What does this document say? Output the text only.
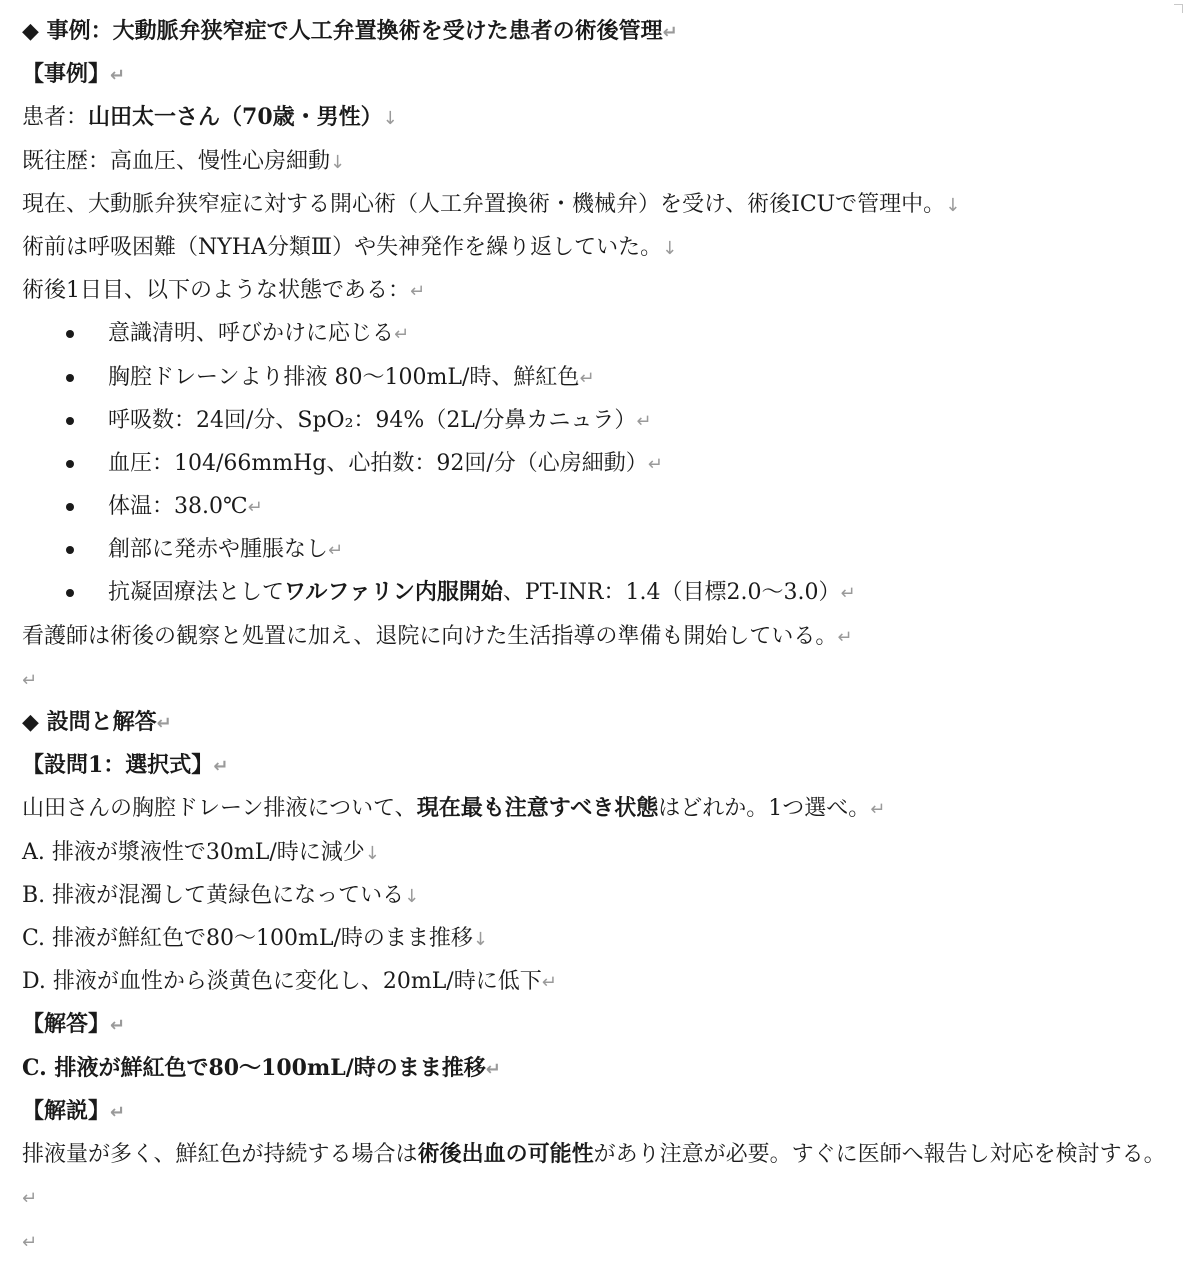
◆ 事例：大動脈弁狭窄症で人工弁置換術を受けた患者の術後管理↵
【事例】↵
患者：山田太一さん（70歳・男性）↓
既往歴：高血圧、慢性心房細動↓
現在、大動脈弁狭窄症に対する開心術（人工弁置換術・機械弁）を受け、術後ICUで管理中。↓
術前は呼吸困難（NYHA分類Ⅲ）や失神発作を繰り返していた。↓
術後1日目、以下のような状態である：↵
意識清明、呼びかけに応じる↵
胸腔ドレーンより排液 80〜100mL/時、鮮紅色↵
呼吸数：24回/分、SpO₂：94%（2L/分鼻カニュラ）↵
血圧：104/66mmHg、心拍数：92回/分（心房細動）↵
体温：38.0℃↵
創部に発赤や腫脹なし↵
抗凝固療法としてワルファリン内服開始、PT-INR：1.4（目標2.0〜3.0）↵
看護師は術後の観察と処置に加え、退院に向けた生活指導の準備も開始している。↵
↵
◆ 設問と解答↵
【設問1：選択式】↵
山田さんの胸腔ドレーン排液について、現在最も注意すべき状態はどれか。1つ選べ。↵
A. 排液が漿液性で30mL/時に減少↓
B. 排液が混濁して黄緑色になっている↓
C. 排液が鮮紅色で80〜100mL/時のまま推移↓
D. 排液が血性から淡黄色に変化し、20mL/時に低下↵
【解答】↵
C. 排液が鮮紅色で80〜100mL/時のまま推移↵
【解説】↵
排液量が多く、鮮紅色が持続する場合は術後出血の可能性があり注意が必要。すぐに医師へ報告し対応を検討する。↵
↵
